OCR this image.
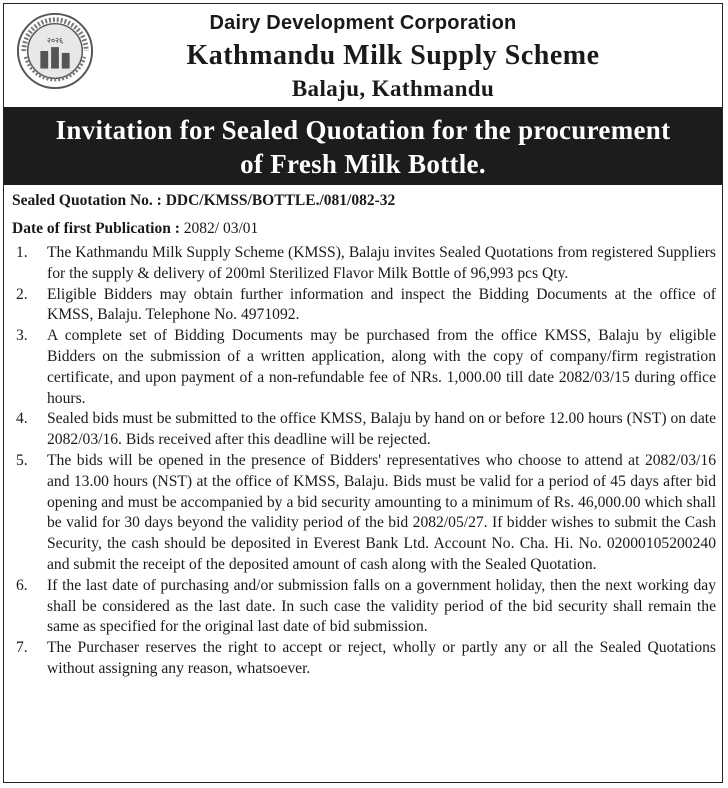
२०२६
Dairy Development Corporation
Kathmandu Milk Supply Scheme
Balaju, Kathmandu
Invitation for Sealed Quotation for the procurement
of Fresh Milk Bottle.
Sealed Quotation No. : DDC/KMSS/BOTTLE./081/082-32
Date of first Publication : 2082/ 03/01
1. The Kathmandu Milk Supply Scheme (KMSS), Balaju invites Sealed Quotations from registered Suppliers for the supply & delivery of 200ml Sterilized Flavor Milk Bottle of 96,993 pcs Qty.
2. Eligible Bidders may obtain further information and inspect the Bidding Documents at the office of KMSS, Balaju. Telephone No. 4971092.
3. A complete set of Bidding Documents may be purchased from the office KMSS, Balaju by eligible Bidders on the submission of a written application, along with the copy of company/firm registration certificate, and upon payment of a non-refundable fee of NRs. 1,000.00 till date 2082/03/15 during office hours.
4. Sealed bids must be submitted to the office KMSS, Balaju by hand on or before 12.00 hours (NST) on date 2082/03/16. Bids received after this deadline will be rejected.
5. The bids will be opened in the presence of Bidders' representatives who choose to attend at 2082/03/16 and 13.00 hours (NST) at the office of KMSS, Balaju. Bids must be valid for a period of 45 days after bid opening and must be accompanied by a bid security amounting to a minimum of Rs. 46,000.00 which shall be valid for 30 days beyond the validity period of the bid 2082/05/27. If bidder wishes to submit the Cash Security, the cash should be deposited in Everest Bank Ltd. Account No. Cha. Hi. No. 02000105200240 and submit the receipt of the deposited amount of cash along with the Sealed Quotation.
6. If the last date of purchasing and/or submission falls on a government holiday, then the next working day shall be considered as the last date. In such case the validity period of the bid security shall remain the same as specified for the original last date of bid submission.
7. The Purchaser reserves the right to accept or reject, wholly or partly any or all the Sealed Quotations without assigning any reason, whatsoever.
